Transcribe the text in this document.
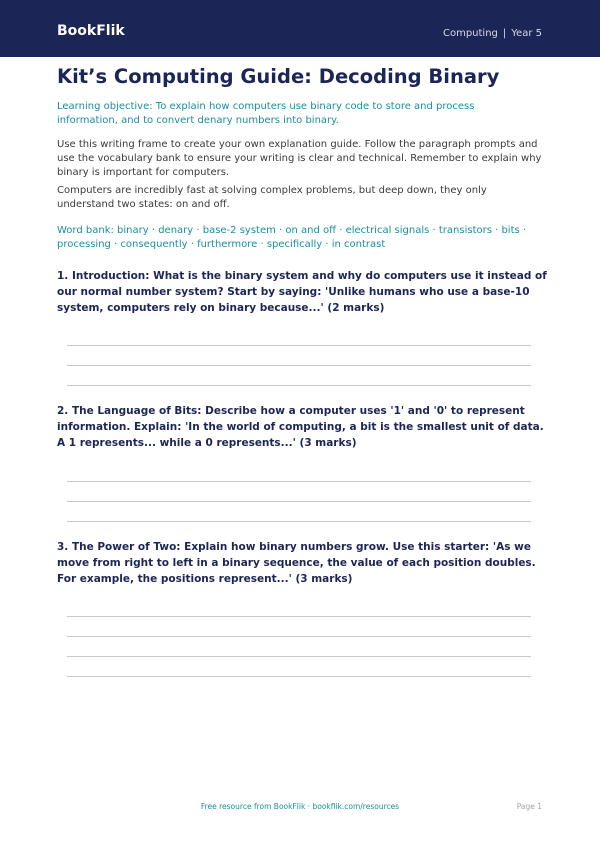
BookFlik	Computing | Year 5
Kit’s Computing Guide: Decoding Binary

Learning objective: To explain how computers use binary code to store and process information, and to convert denary numbers into binary.

Use this writing frame to create your own explanation guide. Follow the paragraph prompts and use the vocabulary bank to ensure your writing is clear and technical. Remember to explain why binary is important for computers.

Computers are incredibly fast at solving complex problems, but deep down, they only understand two states: on and off.

Word bank: binary · denary · base-2 system · on and off · electrical signals · transistors · bits · processing · consequently · furthermore · specifically · in contrast

1. Introduction: What is the binary system and why do computers use it instead of our normal number system? Start by saying: 'Unlike humans who use a base-10 system, computers rely on binary because...' (2 marks)

2. The Language of Bits: Describe how a computer uses '1' and '0' to represent information. Explain: 'In the world of computing, a bit is the smallest unit of data. A 1 represents... while a 0 represents...' (3 marks)

3. The Power of Two: Explain how binary numbers grow. Use this starter: 'As we move from right to left in a binary sequence, the value of each position doubles. For example, the positions represent...' (3 marks)

Free resource from BookFlik · bookflik.com/resources	Page 1
